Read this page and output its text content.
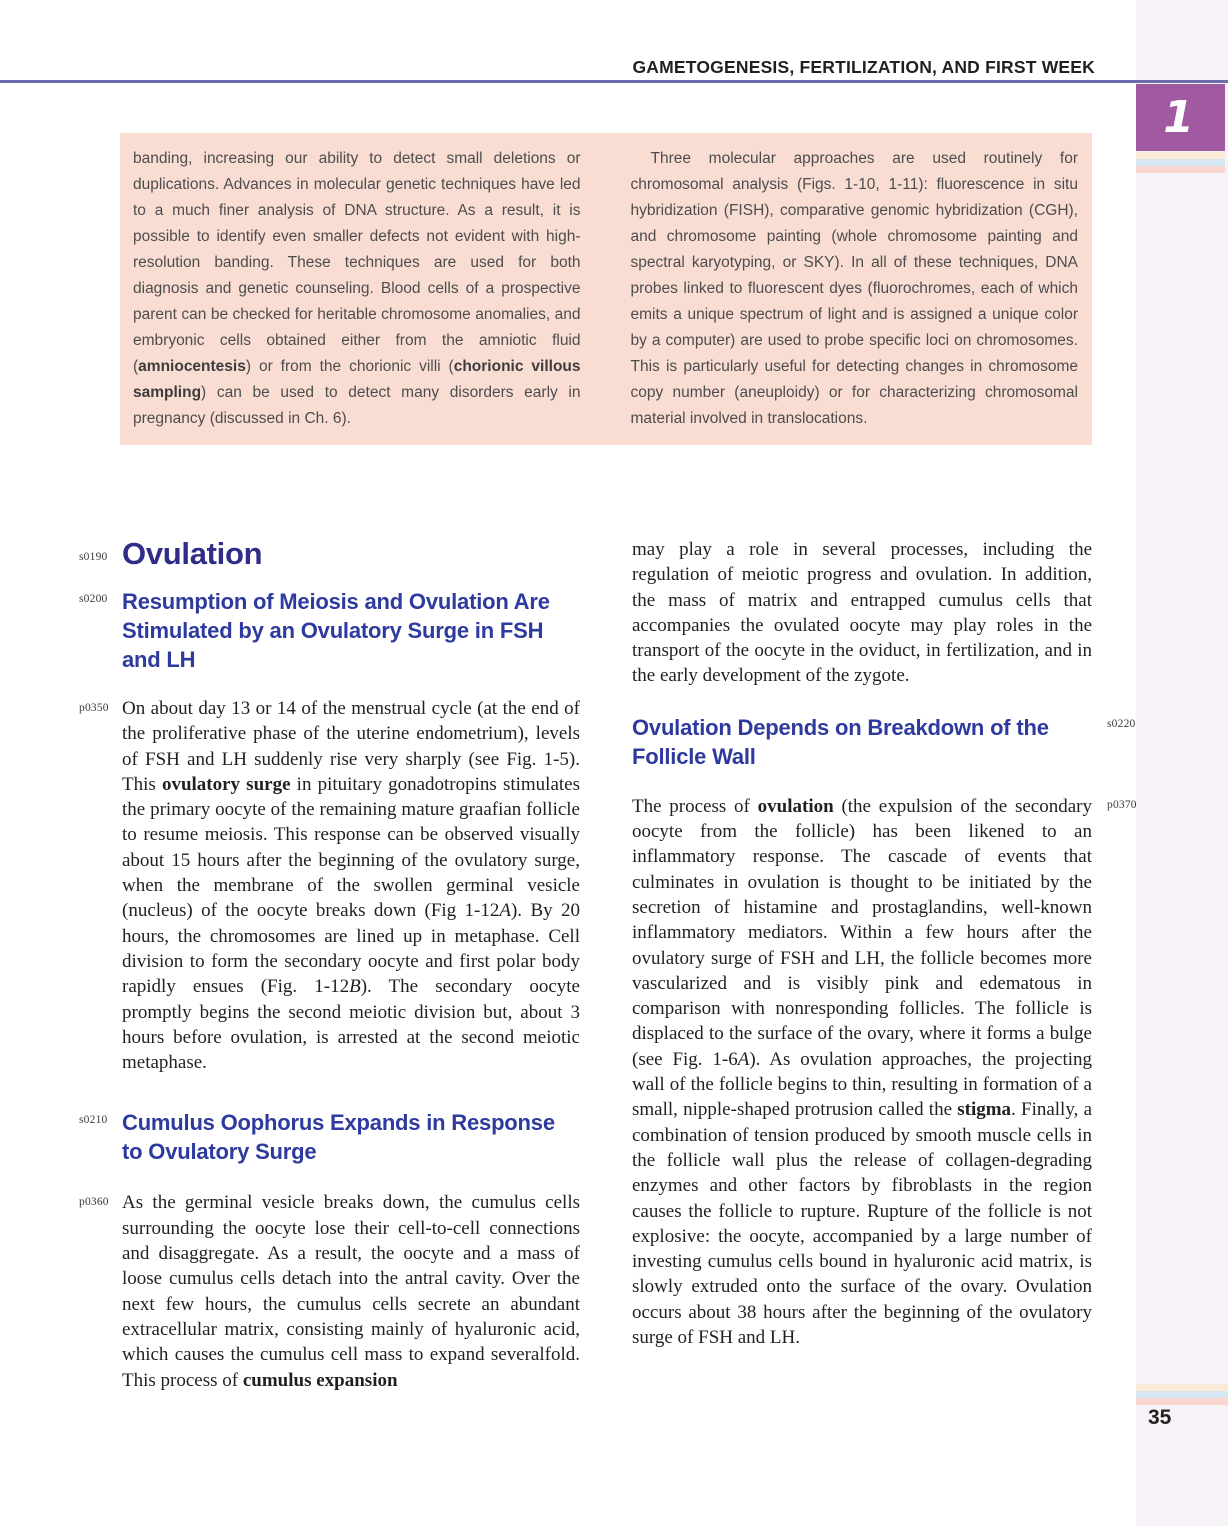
GAMETOGENESIS, FERTILIZATION, AND FIRST WEEK
1
banding, increasing our ability to detect small deletions or duplications. Advances in molecular genetic techniques have led to a much finer analysis of DNA structure. As a result, it is possible to identify even smaller defects not evident with high-resolution banding. These techniques are used for both diagnosis and genetic counseling. Blood cells of a prospective parent can be checked for heritable chromosome anomalies, and embryonic cells obtained either from the amniotic fluid (amniocentesis) or from the chorionic villi (chorionic villous sampling) can be used to detect many disorders early in pregnancy (discussed in Ch. 6).
Three molecular approaches are used routinely for chromosomal analysis (Figs. 1-10, 1-11): fluorescence in situ hybridization (FISH), comparative genomic hybridization (CGH), and chromosome painting (whole chromosome painting and spectral karyotyping, or SKY). In all of these techniques, DNA probes linked to fluorescent dyes (fluorochromes, each of which emits a unique spectrum of light and is assigned a unique color by a computer) are used to probe specific loci on chromosomes. This is particularly useful for detecting changes in chromosome copy number (aneuploidy) or for characterizing chromosomal material involved in translocations.
s0190 Ovulation
s0200 Resumption of Meiosis and Ovulation Are Stimulated by an Ovulatory Surge in FSH and LH
p0350 On about day 13 or 14 of the menstrual cycle (at the end of the proliferative phase of the uterine endometrium), levels of FSH and LH suddenly rise very sharply (see Fig. 1-5). This ovulatory surge in pituitary gonadotropins stimulates the primary oocyte of the remaining mature graafian follicle to resume meiosis. This response can be observed visually about 15 hours after the beginning of the ovulatory surge, when the membrane of the swollen germinal vesicle (nucleus) of the oocyte breaks down (Fig 1-12A). By 20 hours, the chromosomes are lined up in metaphase. Cell division to form the secondary oocyte and first polar body rapidly ensues (Fig. 1-12B). The secondary oocyte promptly begins the second meiotic division but, about 3 hours before ovulation, is arrested at the second meiotic metaphase.
s0210 Cumulus Oophorus Expands in Response to Ovulatory Surge
p0360 As the germinal vesicle breaks down, the cumulus cells surrounding the oocyte lose their cell-to-cell connections and disaggregate. As a result, the oocyte and a mass of loose cumulus cells detach into the antral cavity. Over the next few hours, the cumulus cells secrete an abundant extracellular matrix, consisting mainly of hyaluronic acid, which causes the cumulus cell mass to expand severalfold. This process of cumulus expansion
may play a role in several processes, including the regulation of meiotic progress and ovulation. In addition, the mass of matrix and entrapped cumulus cells that accompanies the ovulated oocyte may play roles in the transport of the oocyte in the oviduct, in fertilization, and in the early development of the zygote.
s0220
Ovulation Depends on Breakdown of the Follicle Wall
p0370
The process of ovulation (the expulsion of the secondary oocyte from the follicle) has been likened to an inflammatory response. The cascade of events that culminates in ovulation is thought to be initiated by the secretion of histamine and prostaglandins, well-known inflammatory mediators. Within a few hours after the ovulatory surge of FSH and LH, the follicle becomes more vascularized and is visibly pink and edematous in comparison with nonresponding follicles. The follicle is displaced to the surface of the ovary, where it forms a bulge (see Fig. 1-6A). As ovulation approaches, the projecting wall of the follicle begins to thin, resulting in formation of a small, nipple-shaped protrusion called the stigma. Finally, a combination of tension produced by smooth muscle cells in the follicle wall plus the release of collagen-degrading enzymes and other factors by fibroblasts in the region causes the follicle to rupture. Rupture of the follicle is not explosive: the oocyte, accompanied by a large number of investing cumulus cells bound in hyaluronic acid matrix, is slowly extruded onto the surface of the ovary. Ovulation occurs about 38 hours after the beginning of the ovulatory surge of FSH and LH.
35
